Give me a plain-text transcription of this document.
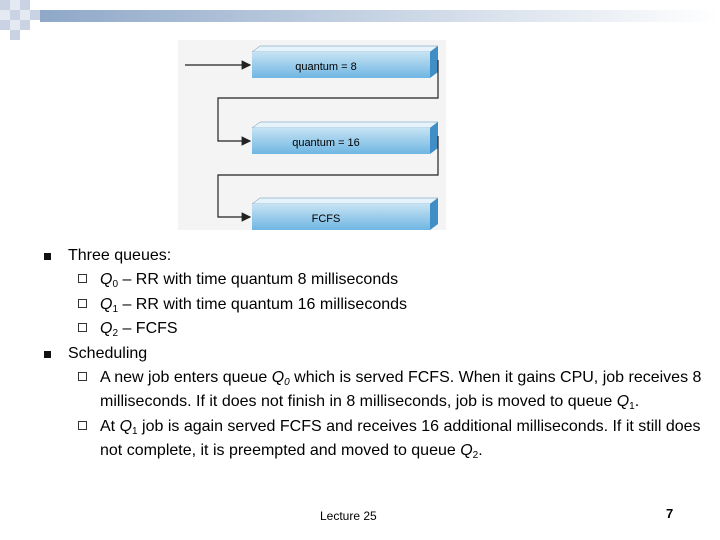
quantum = 8
quantum = 16
FCFS
Three queues:
$Q_0$ – RR with time quantum 8 milliseconds
$Q_1$ – RR with time quantum 16 milliseconds
$Q_2$ – FCFS
Scheduling
A new job enters queue $Q_0$ which is served FCFS. When it gains CPU, job receives 8 milliseconds. If it does not finish in 8 milliseconds, job is moved to queue $Q_1$.
At $Q_1$ job is again served FCFS and receives 16 additional milliseconds. If it still does not complete, it is preempted and moved to queue $Q_2$.
Lecture 25	7
